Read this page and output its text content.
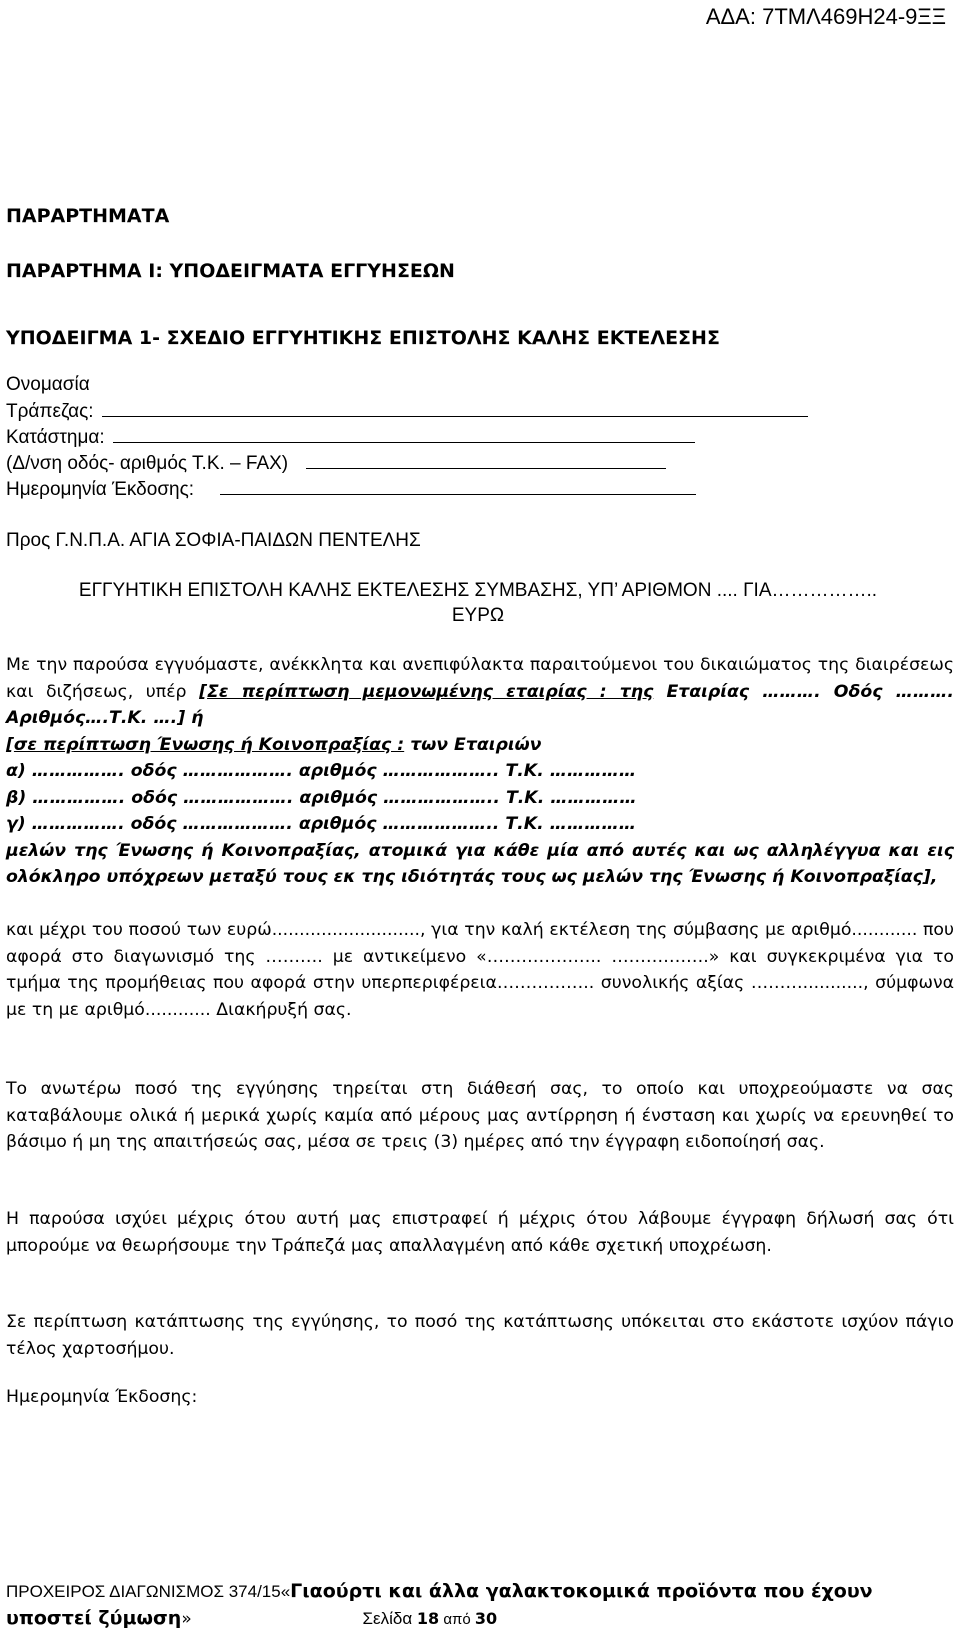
ΑΔΑ: 7ΤΜΛ469Η24-9ΞΞ
ΠΑΡΑΡΤΗΜΑΤΑ
ΠΑΡΑΡΤΗΜΑ Ι: ΥΠΟΔΕΙΓΜΑΤΑ ΕΓΓΥΗΣΕΩΝ
ΥΠΟΔΕΙΓΜΑ 1- ΣΧΕΔΙΟ ΕΓΓΥΗΤΙΚΗΣ ΕΠΙΣΤΟΛΗΣ ΚΑΛΗΣ ΕΚΤΕΛΕΣΗΣ
Ονομασία
Τράπεζας:
Κατάστημα:
(Δ/νση οδός- αριθμός Τ.Κ. – FAX)
Ημερομηνία Έκδοσης:
Προς Γ.Ν.Π.Α. ΑΓΙΑ ΣΟΦΙΑ-ΠΑΙΔΩΝ ΠΕΝΤΕΛΗΣ
ΕΓΓΥΗΤΙΚΗ ΕΠΙΣΤΟΛΗ ΚΑΛΗΣ ΕΚΤΕΛΕΣΗΣ ΣΥΜΒΑΣΗΣ, ΥΠ’ ΑΡΙΘΜΟΝ .... ΓΙΑ……………..
ΕΥΡΩ
Με την παρούσα εγγυόμαστε, ανέκκλητα και ανεπιφύλακτα παραιτούμενοι του δικαιώματος της διαιρέσεως και διζήσεως, υπέρ [Σε περίπτωση μεμονωμένης εταιρίας : της Εταιρίας ………. Οδός ………. Αριθμός….Τ.Κ. ….] ή
[σε περίπτωση Ένωσης ή Κοινοπραξίας : των Εταιριών
α) ……………. οδός ………………. αριθμός ……………….. Τ.Κ. ……………
β) ……………. οδός ………………. αριθμός ……………….. Τ.Κ. ……………
γ) ……………. οδός ………………. αριθμός ……………….. Τ.Κ. ……………
μελών της Ένωσης ή Κοινοπραξίας, ατομικά για κάθε μία από αυτές και ως αλληλέγγυα και εις ολόκληρο υπόχρεων μεταξύ τους εκ της ιδιότητάς τους ως μελών της Ένωσης ή Κοινοπραξίας],
και μέχρι του ποσού των ευρώ..........................., για την καλή εκτέλεση της σύμβασης με αριθμό............ που αφορά στο διαγωνισμό της ………. με αντικείμενο «……………….. ………….….» και συγκεκριμένα για το τμήμα της προμήθειας που αφορά στην υπερπεριφέρεια…………….. συνολικής αξίας ………..........., σύμφωνα με τη με αριθμό............ Διακήρυξή σας.
Το ανωτέρω ποσό της εγγύησης τηρείται στη διάθεσή σας, το οποίο και υποχρεούμαστε να σας καταβάλουμε ολικά ή μερικά χωρίς καμία από μέρους μας αντίρρηση ή ένσταση και χωρίς να ερευνηθεί το βάσιμο ή μη της απαιτήσεώς σας, μέσα σε τρεις (3) ημέρες από την έγγραφη ειδοποίησή σας.
Η παρούσα ισχύει μέχρις ότου αυτή μας επιστραφεί ή μέχρις ότου λάβουμε έγγραφη δήλωσή σας ότι μπορούμε να θεωρήσουμε την Τράπεζά μας απαλλαγμένη από κάθε σχετική υποχρέωση.
Σε περίπτωση κατάπτωσης της εγγύησης, το ποσό της κατάπτωσης υπόκειται στο εκάστοτε ισχύον πάγιο τέλος χαρτοσήμου.
Ημερομηνία Έκδοσης:
ΠΡΟΧΕΙΡΟΣ ΔΙΑΓΩΝΙΣΜΟΣ 374/15«Γιαούρτι και άλλα γαλακτοκομικά προϊόντα που έχουν
υποστεί ζύμωση»	Σελίδα 18 από 30
